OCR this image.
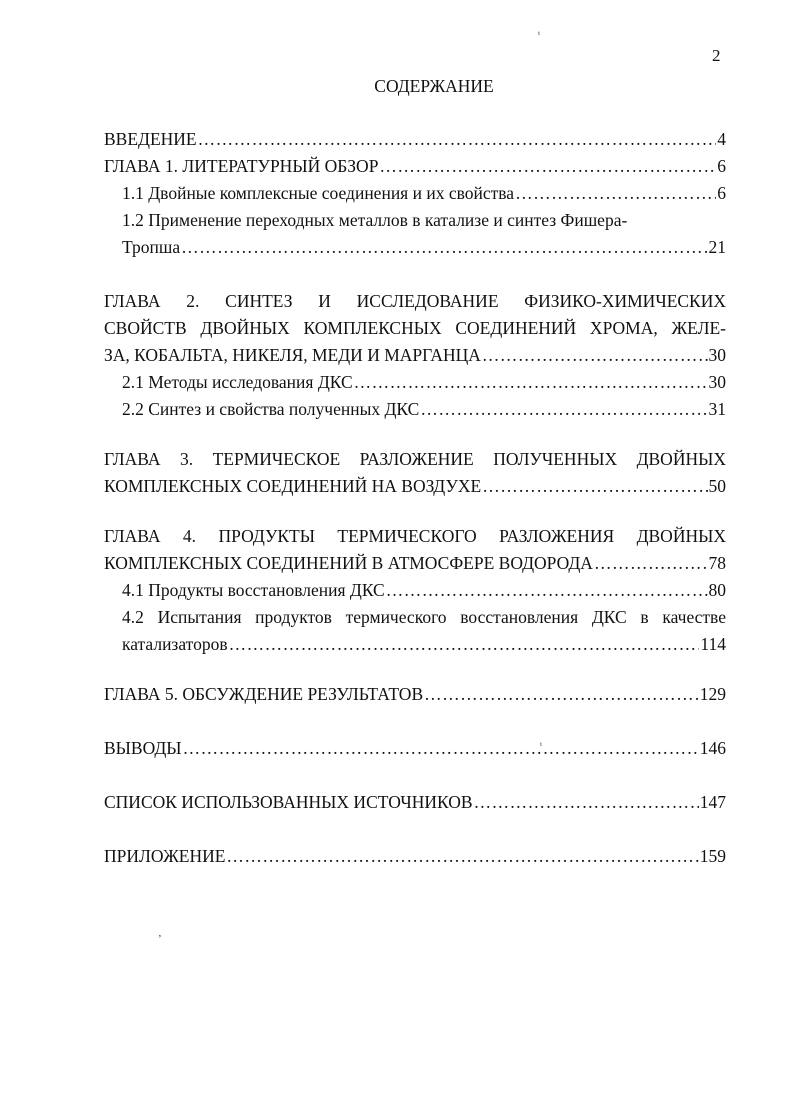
2
ᵗ
ᵗ
‚
СОДЕРЖАНИЕ
ВВЕДЕНИЕ ……………………………………………………………………………………………………………………………………………………	4
ГЛАВА 1. ЛИТЕРАТУРНЫЙ ОБЗОР ……………………………………………………………………………………………………………………………………………………	6
1.1 Двойные комплексные соединения и их свойства ……………………………………………………………………………………………………………………………………………………	6
1.2 Применение переходных металлов в катализе и синтез Фишера-
Тропша ……………………………………………………………………………………………………………………………………………………	21
ГЛАВА 2. СИНТЕЗ И ИССЛЕДОВАНИЕ ФИЗИКО-ХИМИЧЕСКИХ
СВОЙСТВ ДВОЙНЫХ КОМПЛЕКСНЫХ СОЕДИНЕНИЙ ХРОМА, ЖЕЛЕ-
ЗА, КОБАЛЬТА, НИКЕЛЯ, МЕДИ И МАРГАНЦА ……………………………………………………………………………………………………………………………………………………	30
2.1 Методы исследования ДКС ……………………………………………………………………………………………………………………………………………………	30
2.2 Синтез и свойства полученных ДКС ……………………………………………………………………………………………………………………………………………………	31
ГЛАВА 3. ТЕРМИЧЕСКОЕ РАЗЛОЖЕНИЕ ПОЛУЧЕННЫХ ДВОЙНЫХ
КОМПЛЕКСНЫХ СОЕДИНЕНИЙ НА ВОЗДУХЕ ……………………………………………………………………………………………………………………………………………………	50
ГЛАВА 4. ПРОДУКТЫ ТЕРМИЧЕСКОГО РАЗЛОЖЕНИЯ ДВОЙНЫХ
КОМПЛЕКСНЫХ СОЕДИНЕНИЙ В АТМОСФЕРЕ ВОДОРОДА ……………………………………………………………………………………………………………………………………………………	78
4.1 Продукты восстановления ДКС ……………………………………………………………………………………………………………………………………………………	80
4.2 Испытания продуктов термического восстановления ДКС в качестве
катализаторов ……………………………………………………………………………………………………………………………………………………	114
ГЛАВА 5. ОБСУЖДЕНИЕ РЕЗУЛЬТАТОВ ……………………………………………………………………………………………………………………………………………………	129
ВЫВОДЫ ……………………………………………………………………………………………………………………………………………………	146
СПИСОК ИСПОЛЬЗОВАННЫХ ИСТОЧНИКОВ ……………………………………………………………………………………………………………………………………………………	147
ПРИЛОЖЕНИЕ ……………………………………………………………………………………………………………………………………………………	159
